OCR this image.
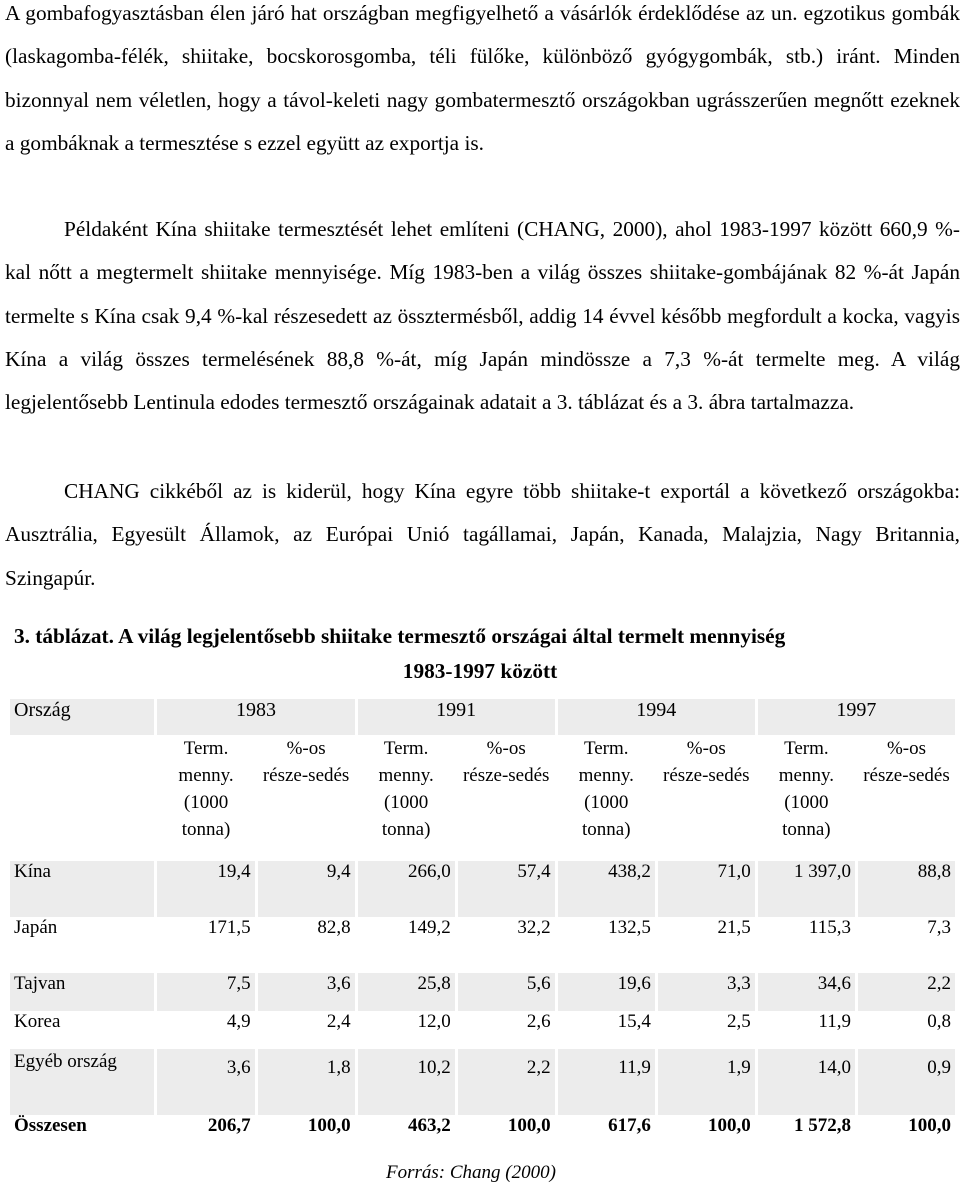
A gombafogyasztásban élen járó hat országban megfigyelhető a vásárlók érdeklődése az un. egzotikus gombák (laskagomba-félék, shiitake, bocskorosgomba, téli fülőke, különböző gyógygombák, stb.) iránt. Minden bizonnyal nem véletlen, hogy a távol-keleti nagy gombatermesztő országokban ugrásszerűen megnőtt ezeknek a gombáknak a termesztése s ezzel együtt az exportja is.

Példaként Kína shiitake termesztését lehet említeni (CHANG, 2000), ahol 1983-1997 között 660,9 %-kal nőtt a megtermelt shiitake mennyisége. Míg 1983-ben a világ összes shiitake-gombájának 82 %-át Japán termelte s Kína csak 9,4 %-kal részesedett az össztermésből, addig 14 évvel később megfordult a kocka, vagyis Kína a világ összes termelésének 88,8 %-át, míg Japán mindössze a 7,3 %-át termelte meg. A világ legjelentősebb Lentinula edodes termesztő országainak adatait a 3. táblázat és a 3. ábra tartalmazza.

CHANG cikkéből az is kiderül, hogy Kína egyre több shiitake-t exportál a következő országokba: Ausztrália, Egyesült Államok, az Európai Unió tagállamai, Japán, Kanada, Malajzia, Nagy Britannia, Szingapúr.

3. táblázat. A világ legjelentősebb shiitake termesztő országai által termelt mennyiség
1983-1997 között
Ország	1983		1991		1994		1997	
	Term. menny. (1000 tonna)	%-os része-sedés	Term. menny. (1000 tonna)	%-os része-sedés	Term. menny. (1000 tonna)	%-os része-sedés	Term. menny. (1000 tonna)	%-os része-sedés
Kína	19,4	9,4	266,0	57,4	438,2	71,0	1 397,0	88,8
Japán	171,5	82,8	149,2	32,2	132,5	21,5	115,3	7,3
Tajvan	7,5	3,6	25,8	5,6	19,6	3,3	34,6	2,2
Korea	4,9	2,4	12,0	2,6	15,4	2,5	11,9	0,8
Egyéb ország	3,6	1,8	10,2	2,2	11,9	1,9	14,0	0,9
Összesen	206,7	100,0	463,2	100,0	617,6	100,0	1 572,8	100,0
Forrás: Chang (2000)
